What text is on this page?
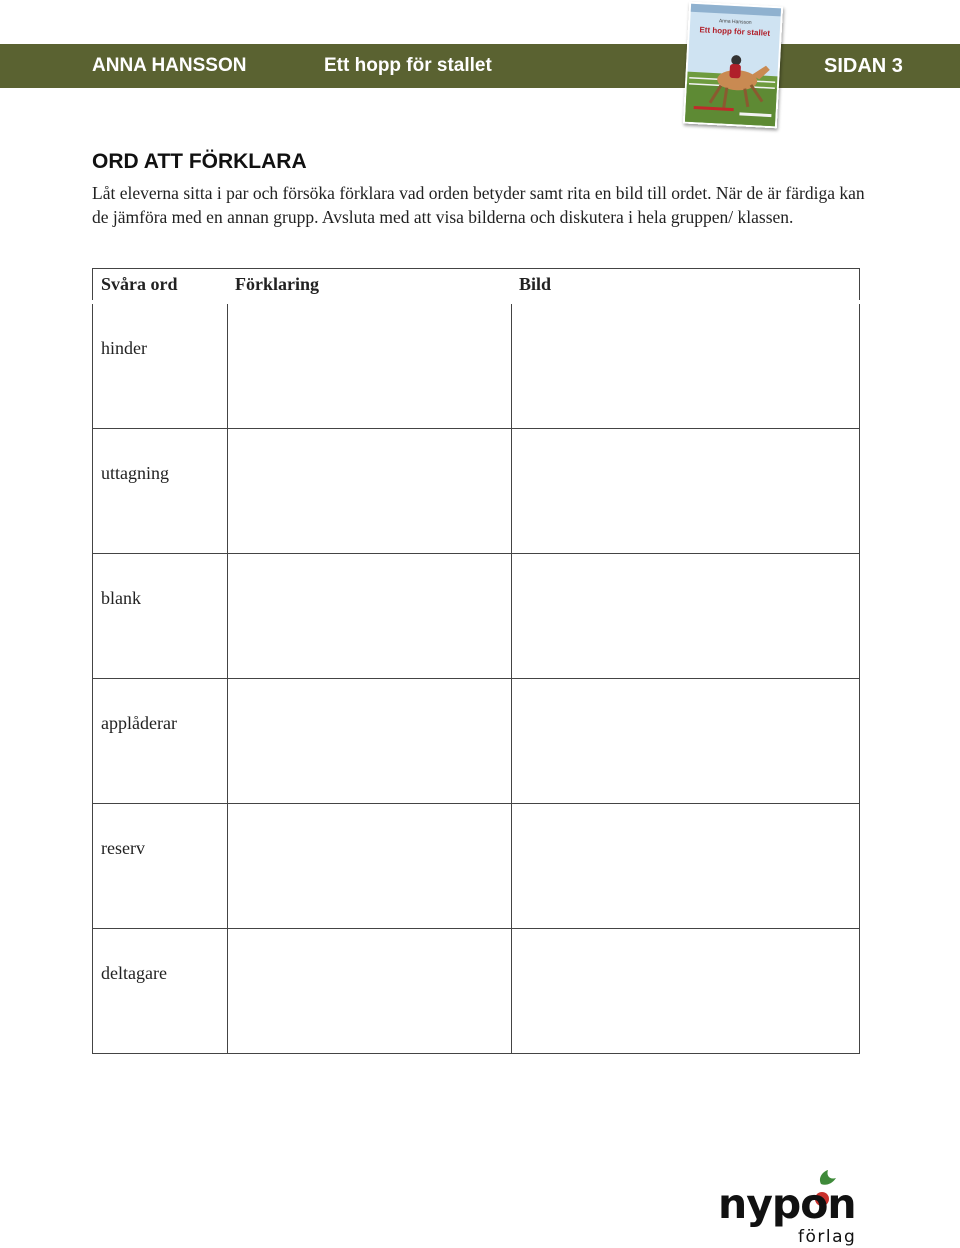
ANNA HANSSON	Ett hopp för stallet	SIDAN 3
Anna Hansson
Ett hopp för stallet
ORD ATT FÖRKLARA

Låt eleverna sitta i par och försöka förklara vad orden betyder samt rita en bild till ordet. När de är färdiga kan de jämföra med en annan grupp. Avsluta med att visa bilderna och diskutera i hela gruppen/ klassen.

Svåra ord	Förklaring	Bild
hinder		
uttagning		
blank		
applåderar		
reserv		
deltagare		
nypon
förlag
